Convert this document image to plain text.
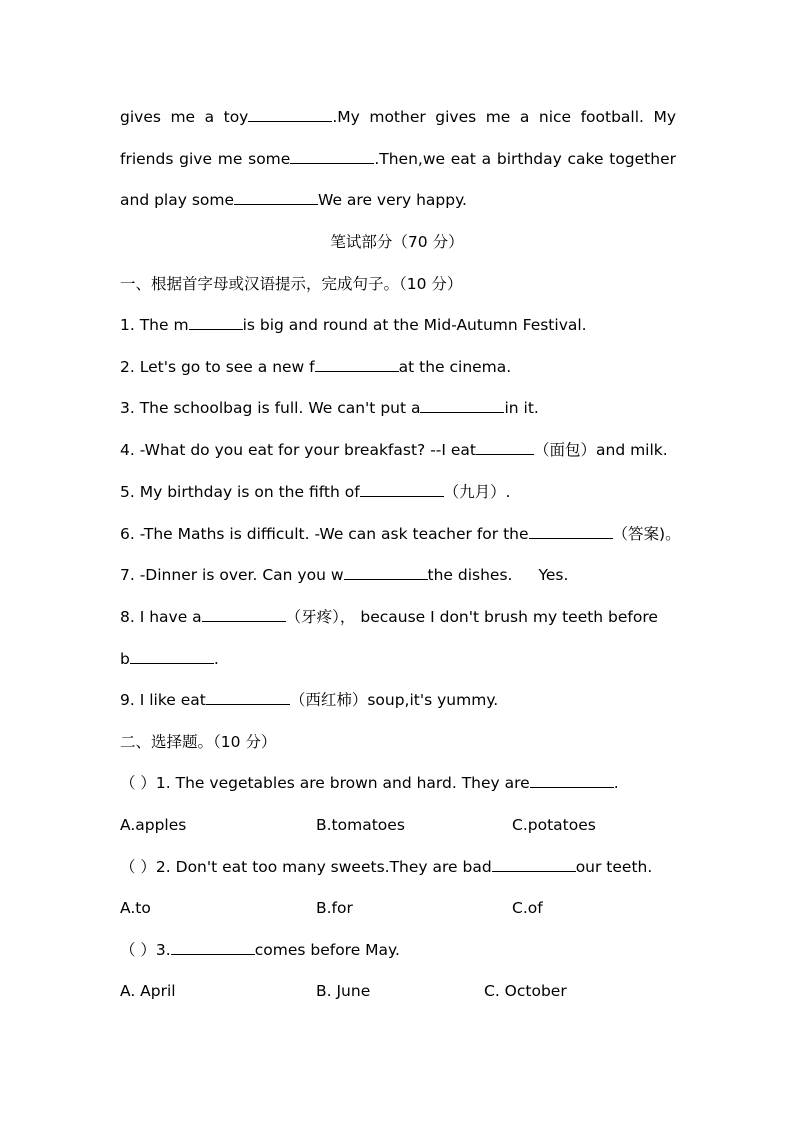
gives me a toy	.My mother gives me a nice football. My
friends give me some	.Then,we eat a birthday cake together
and play some	We are very happy.
笔试部分（70 分）
一、根据首字母或汉语提示，完成句子。（10 分）
1. The m	is big and round at the Mid-Autumn Festival.
2. Let's go to see a new f	at the cinema.
3. The schoolbag is full. We can't put a	in it.
4. -What do you eat for your breakfast? --I eat	（面包）and milk.
5. My birthday is on the fifth of	（九月）.
6. -The Maths is difficult. -We can ask teacher for the	（答案)。
7. -Dinner is over. Can you w	the dishes. Yes.
8. I have a	（牙疼）， because I don't brush my teeth before
b	.
9. I like eat	（西红柿）soup,it's yummy.
二、选择题。（10 分）
（ ）1. The vegetables are brown and hard. They are	.
A.apples	B.tomatoes	C.potatoes
（ ）2. Don't eat too many sweets.They are bad	our teeth.
A.to	B.for	C.of
（ ）3.	comes before May.
A. April	B. June	C. October
